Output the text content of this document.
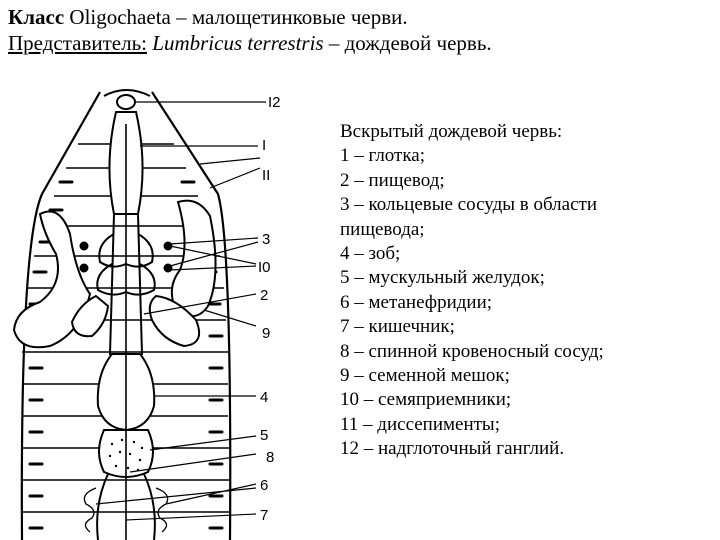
Класс Oligochaeta – малощетинковые черви.
Представитель: Lumbricus terrestris – дождевой червь.
I2
I
II
3
I0
2
9
4
5
8
6
7
Вскрытый дождевой червь:
1 – глотка;
2 – пищевод;
3 – кольцевые сосуды в области
пищевода;
4 – зоб;
5 – мускульный желудок;
6 – метанефридии;
7 – кишечник;
8 – спинной кровеносный сосуд;
9 – семенной мешок;
10 – семяприемники;
11 – диссепименты;
12 – надглоточный ганглий.
